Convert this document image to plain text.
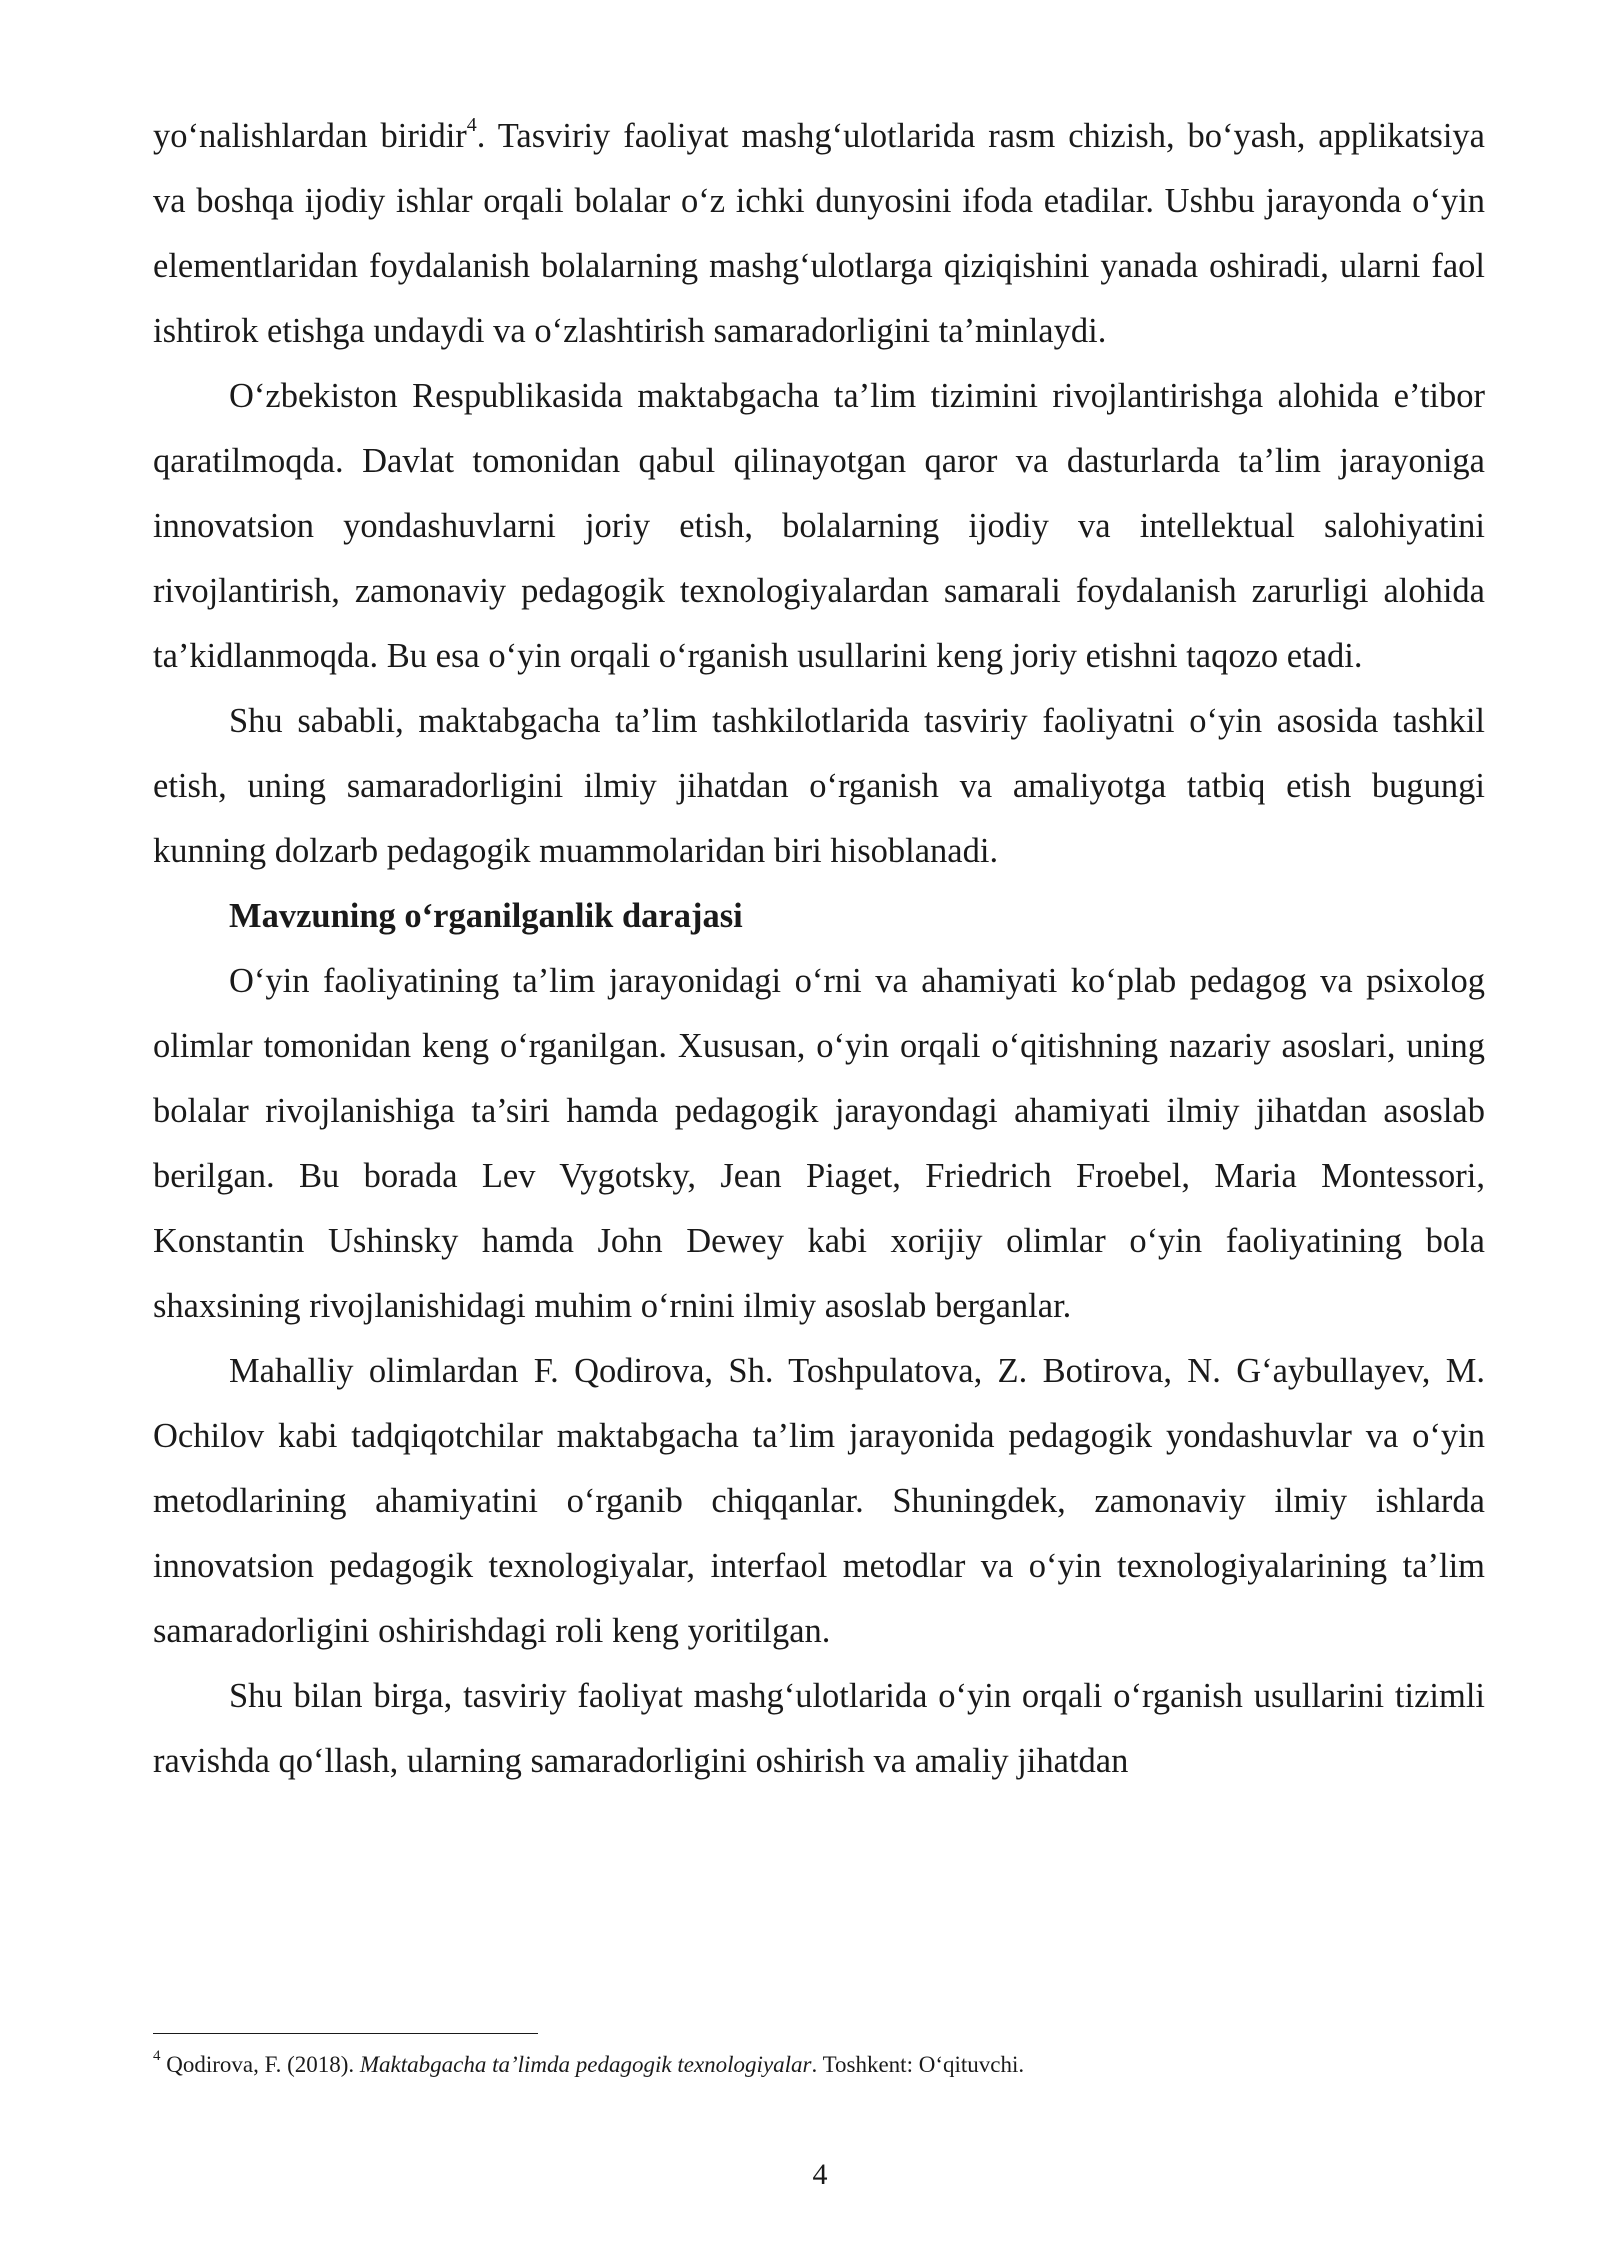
yo‘nalishlardan biridir$^4$. Tasviriy faoliyat mashg‘ulotlarida rasm chizish, bo‘yash, applikatsiya va boshqa ijodiy ishlar orqali bolalar o‘z ichki dunyosini ifoda etadilar. Ushbu jarayonda o‘yin elementlaridan foydalanish bolalarning mashg‘ulotlarga qiziqishini yanada oshiradi, ularni faol ishtirok etishga undaydi va o‘zlashtirish samaradorligini ta’minlaydi.

O‘zbekiston Respublikasida maktabgacha ta’lim tizimini rivojlantirishga alohida e’tibor qaratilmoqda. Davlat tomonidan qabul qilinayotgan qaror va dasturlarda ta’lim jarayoniga innovatsion yondashuvlarni joriy etish, bolalarning ijodiy va intellektual salohiyatini rivojlantirish, zamonaviy pedagogik texnologiyalardan samarali foydalanish zarurligi alohida ta’kidlanmoqda. Bu esa o‘yin orqali o‘rganish usullarini keng joriy etishni taqozo etadi.

Shu sababli, maktabgacha ta’lim tashkilotlarida tasviriy faoliyatni o‘yin asosida tashkil etish, uning samaradorligini ilmiy jihatdan o‘rganish va amaliyotga tatbiq etish bugungi kunning dolzarb pedagogik muammolaridan biri hisoblanadi.

Mavzuning o‘rganilganlik darajasi

O‘yin faoliyatining ta’lim jarayonidagi o‘rni va ahamiyati ko‘plab pedagog va psixolog olimlar tomonidan keng o‘rganilgan. Xususan, o‘yin orqali o‘qitishning nazariy asoslari, uning bolalar rivojlanishiga ta’siri hamda pedagogik jarayondagi ahamiyati ilmiy jihatdan asoslab berilgan. Bu borada Lev Vygotsky, Jean Piaget, Friedrich Froebel, Maria Montessori, Konstantin Ushinsky hamda John Dewey kabi xorijiy olimlar o‘yin faoliyatining bola shaxsining rivojlanishidagi muhim o‘rnini ilmiy asoslab berganlar.

Mahalliy olimlardan F. Qodirova, Sh. Toshpulatova, Z. Botirova, N. G‘aybullayev, M. Ochilov kabi tadqiqotchilar maktabgacha ta’lim jarayonida pedagogik yondashuvlar va o‘yin metodlarining ahamiyatini o‘rganib chiqqanlar. Shuningdek, zamonaviy ilmiy ishlarda innovatsion pedagogik texnologiyalar, interfaol metodlar va o‘yin texnologiyalarining ta’lim samaradorligini oshirishdagi roli keng yoritilgan.

Shu bilan birga, tasviriy faoliyat mashg‘ulotlarida o‘yin orqali o‘rganish usullarini tizimli ravishda qo‘llash, ularning samaradorligini oshirish va amaliy jihatdan

$^4$ Qodirova, F. (2018). Maktabgacha ta’limda pedagogik texnologiyalar. Toshkent: O‘qituvchi.

4
